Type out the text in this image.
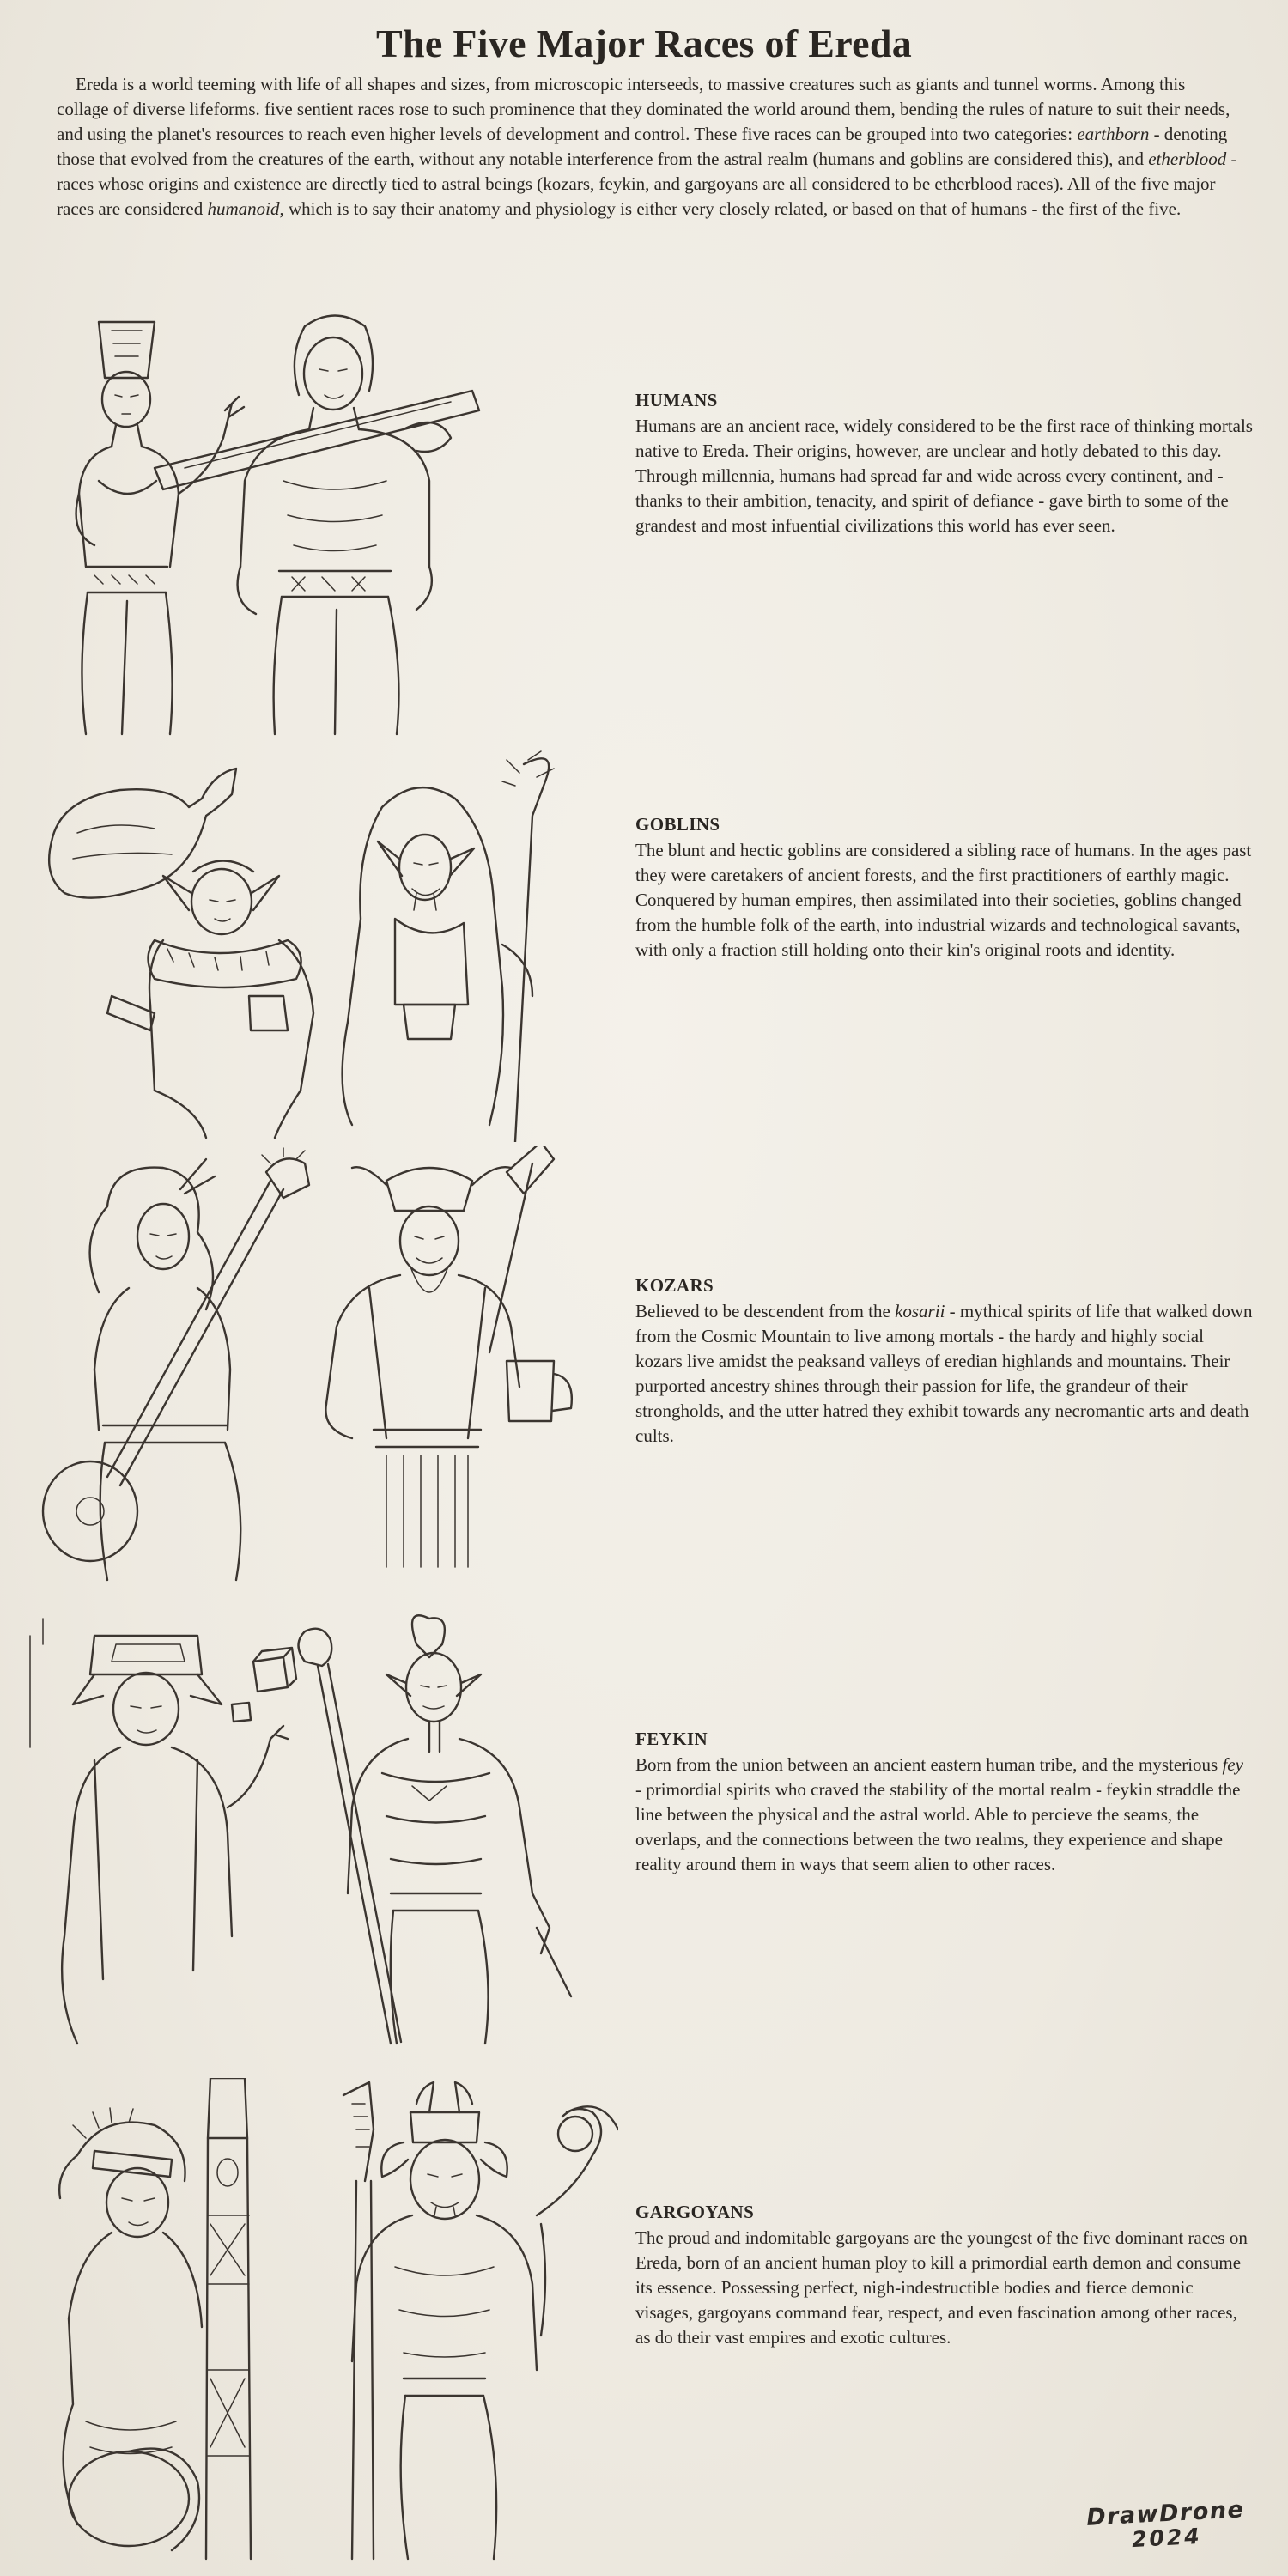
The Five Major Races of Ereda

Ereda is a world teeming with life of all shapes and sizes, from microscopic interseeds, to massive creatures such as giants and tunnel worms. Among this collage of diverse lifeforms. five sentient races rose to such prominence that they dominated the world around them, bending the rules of nature to suit their needs, and using the planet's resources to reach even higher levels of development and control. These five races can be grouped into two categories: earthborn - denoting those that evolved from the creatures of the earth, without any notable interference from the astral realm (humans and goblins are considered this), and etherblood - races whose origins and existence are directly tied to astral beings (kozars, feykin, and gargoyans are all considered to be etherblood races). All of the five major races are considered humanoid, which is to say their anatomy and physiology is either very closely related, or based on that of humans - the first of the five.

HUMANS

Humans are an ancient race, widely considered to be the first race of thinking mortals native to Ereda. Their origins, however, are unclear and hotly debated to this day. Through millennia, humans had spread far and wide across every continent, and - thanks to their ambition, tenacity, and spirit of defiance - gave birth to some of the grandest and most infuential civilizations this world has ever seen.

GOBLINS

The blunt and hectic goblins are considered a sibling race of humans. In the ages past they were caretakers of ancient forests, and the first practitioners of earthly magic. Conquered by human empires, then assimilated into their societies, goblins changed from the humble folk of the earth, into industrial wizards and technological savants, with only a fraction still holding onto their kin's original roots and identity.

KOZARS

Believed to be descendent from the kosarii - mythical spirits of life that walked down from the Cosmic Mountain to live among mortals - the hardy and highly social kozars live amidst the peaksand valleys of eredian highlands and mountains. Their purported ancestry shines through their passion for life, the grandeur of their strongholds, and the utter hatred they exhibit towards any necromantic arts and death cults.

FEYKIN

Born from the union between an ancient eastern human tribe, and the mysterious fey - primordial spirits who craved the stability of the mortal realm - feykin straddle the line between the physical and the astral world. Able to percieve the seams, the overlaps, and the connections between the two realms, they experience and shape reality around them in ways that seem alien to other races.

GARGOYANS

The proud and indomitable gargoyans are the youngest of the five dominant races on Ereda, born of an ancient human ploy to kill a primordial earth demon and consume its essence. Possessing perfect, nigh-indestructible bodies and fierce demonic visages, gargoyans command fear, respect, and even fascination among other races, as do their vast empires and exotic cultures.

DrawDrone
2024
